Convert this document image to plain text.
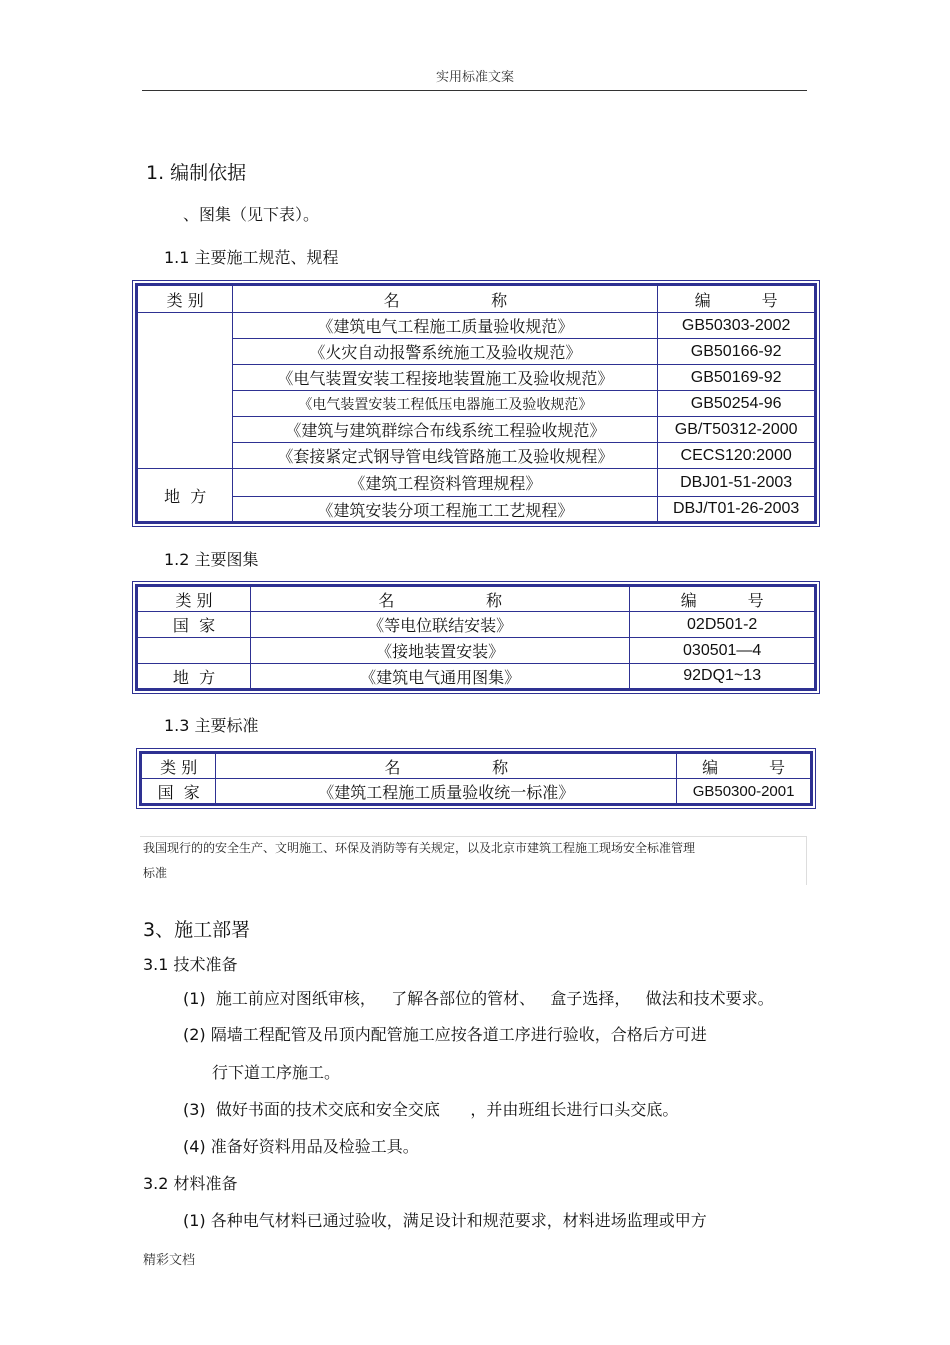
实用标准文案
1. 编制依据
、图集（见下表）。
1.1 主要施工规范、规程
类 别	名                  称	编          号
	《建筑电气工程施工质量验收规范》	GB50303-2002
	《火灾自动报警系统施工及验收规范》	GB50166-92
	《电气装置安装工程接地装置施工及验收规范》	GB50169-92
	《电气装置安装工程低压电器施工及验收规范》	GB50254-96
	《建筑与建筑群综合布线系统工程验收规范》	GB/T50312-2000
	《套接紧定式钢导管电线管路施工及验收规程》	CECS120:2000
地  方	《建筑工程资料管理规程》	DBJ01-51-2003
	《建筑安装分项工程施工工艺规程》	DBJ/T01-26-2003
1.2 主要图集
类 别	名                  称	编          号
国  家	《等电位联结安装》	02D501-2
	《接地装置安装》	030501—4
地  方	《建筑电气通用图集》	92DQ1~13
1.3 主要标准
类 别	名                  称	编          号
国  家	《建筑工程施工质量验收统一标准》	GB50300-2001
我国现行的的安全生产、文明施工、环保及消防等有关规定，以及北京市建筑工程施工现场安全标准管理
标准
3、施工部署
3.1 技术准备
(1)  施工前应对图纸审核，   了解各部位的管材、   盒子选择，   做法和技术要求。
(2) 隔墙工程配管及吊顶内配管施工应按各道工序进行验收，合格后方可进
行下道工序施工。
(3)  做好书面的技术交底和安全交底      ，并由班组长进行口头交底。
(4) 准备好资料用品及检验工具。
3.2 材料准备
(1) 各种电气材料已通过验收，满足设计和规范要求，材料进场监理或甲方
精彩文档
